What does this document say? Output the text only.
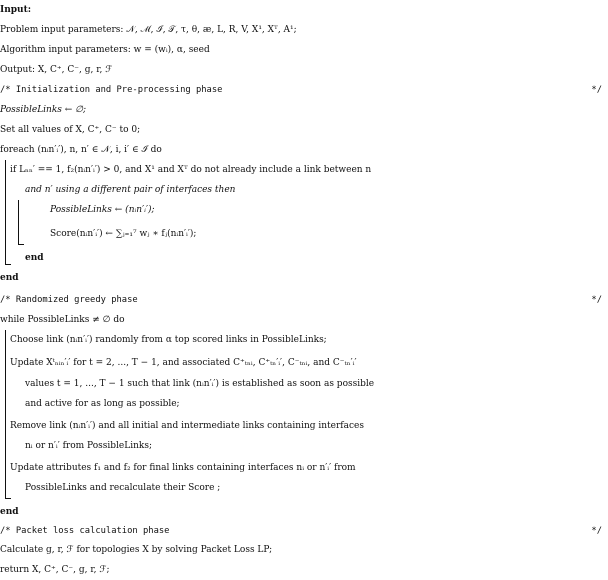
Input:
Problem input parameters: 𝒩, ℳ, ℐ, 𝒯, τ, θ, æ, L, R, V, X¹, Xᵀ, A¹;
Algorithm input parameters: w = (wᵢ), α, seed
Output: X, C⁺, C⁻, g, r, ℱ
/* Initialization and Pre-processing phase	*/
PossibleLinks ← ∅;
Set all values of X, C⁺, C⁻ to 0;
foreach (nᵢn′ᵢ′), n, n′ ∈ 𝒩, i, i′ ∈ ℐ do
if Lₙₙ′ == 1, f₂(nᵢn′ᵢ′) > 0, and X¹ and Xᵀ do not already include a link between n
and n′ using a different pair of interfaces then
PossibleLinks ← (nᵢn′ᵢ′);
Score(nᵢn′ᵢ′) ← ∑ⱼ₌₁⁷ wⱼ ∗ fⱼ(nᵢn′ᵢ′);
end
end
/* Randomized greedy phase	*/
while PossibleLinks ≠ ∅ do
Choose link (nᵢn′ᵢ′) randomly from α top scored links in PossibleLinks;
Update Xᵗₙᵢₙ′ᵢ′ for t = 2, ..., T − 1, and associated C⁺ₜₙᵢ, C⁺ₜₙ′ᵢ′, C⁻ₜₙᵢ, and C⁻ₜₙ′ᵢ′
values t = 1, ..., T − 1 such that link (nᵢn′ᵢ′) is established as soon as possible
and active for as long as possible;
Remove link (nᵢn′ᵢ′) and all initial and intermediate links containing interfaces
nᵢ or n′ᵢ′ from PossibleLinks;
Update attributes f₁ and f₂ for final links containing interfaces nᵢ or n′ᵢ′ from
PossibleLinks and recalculate their Score ;
end
/* Packet loss calculation phase	*/
Calculate g, r, ℱ for topologies X by solving Packet Loss LP;
return X, C⁺, C⁻, g, r, ℱ;
